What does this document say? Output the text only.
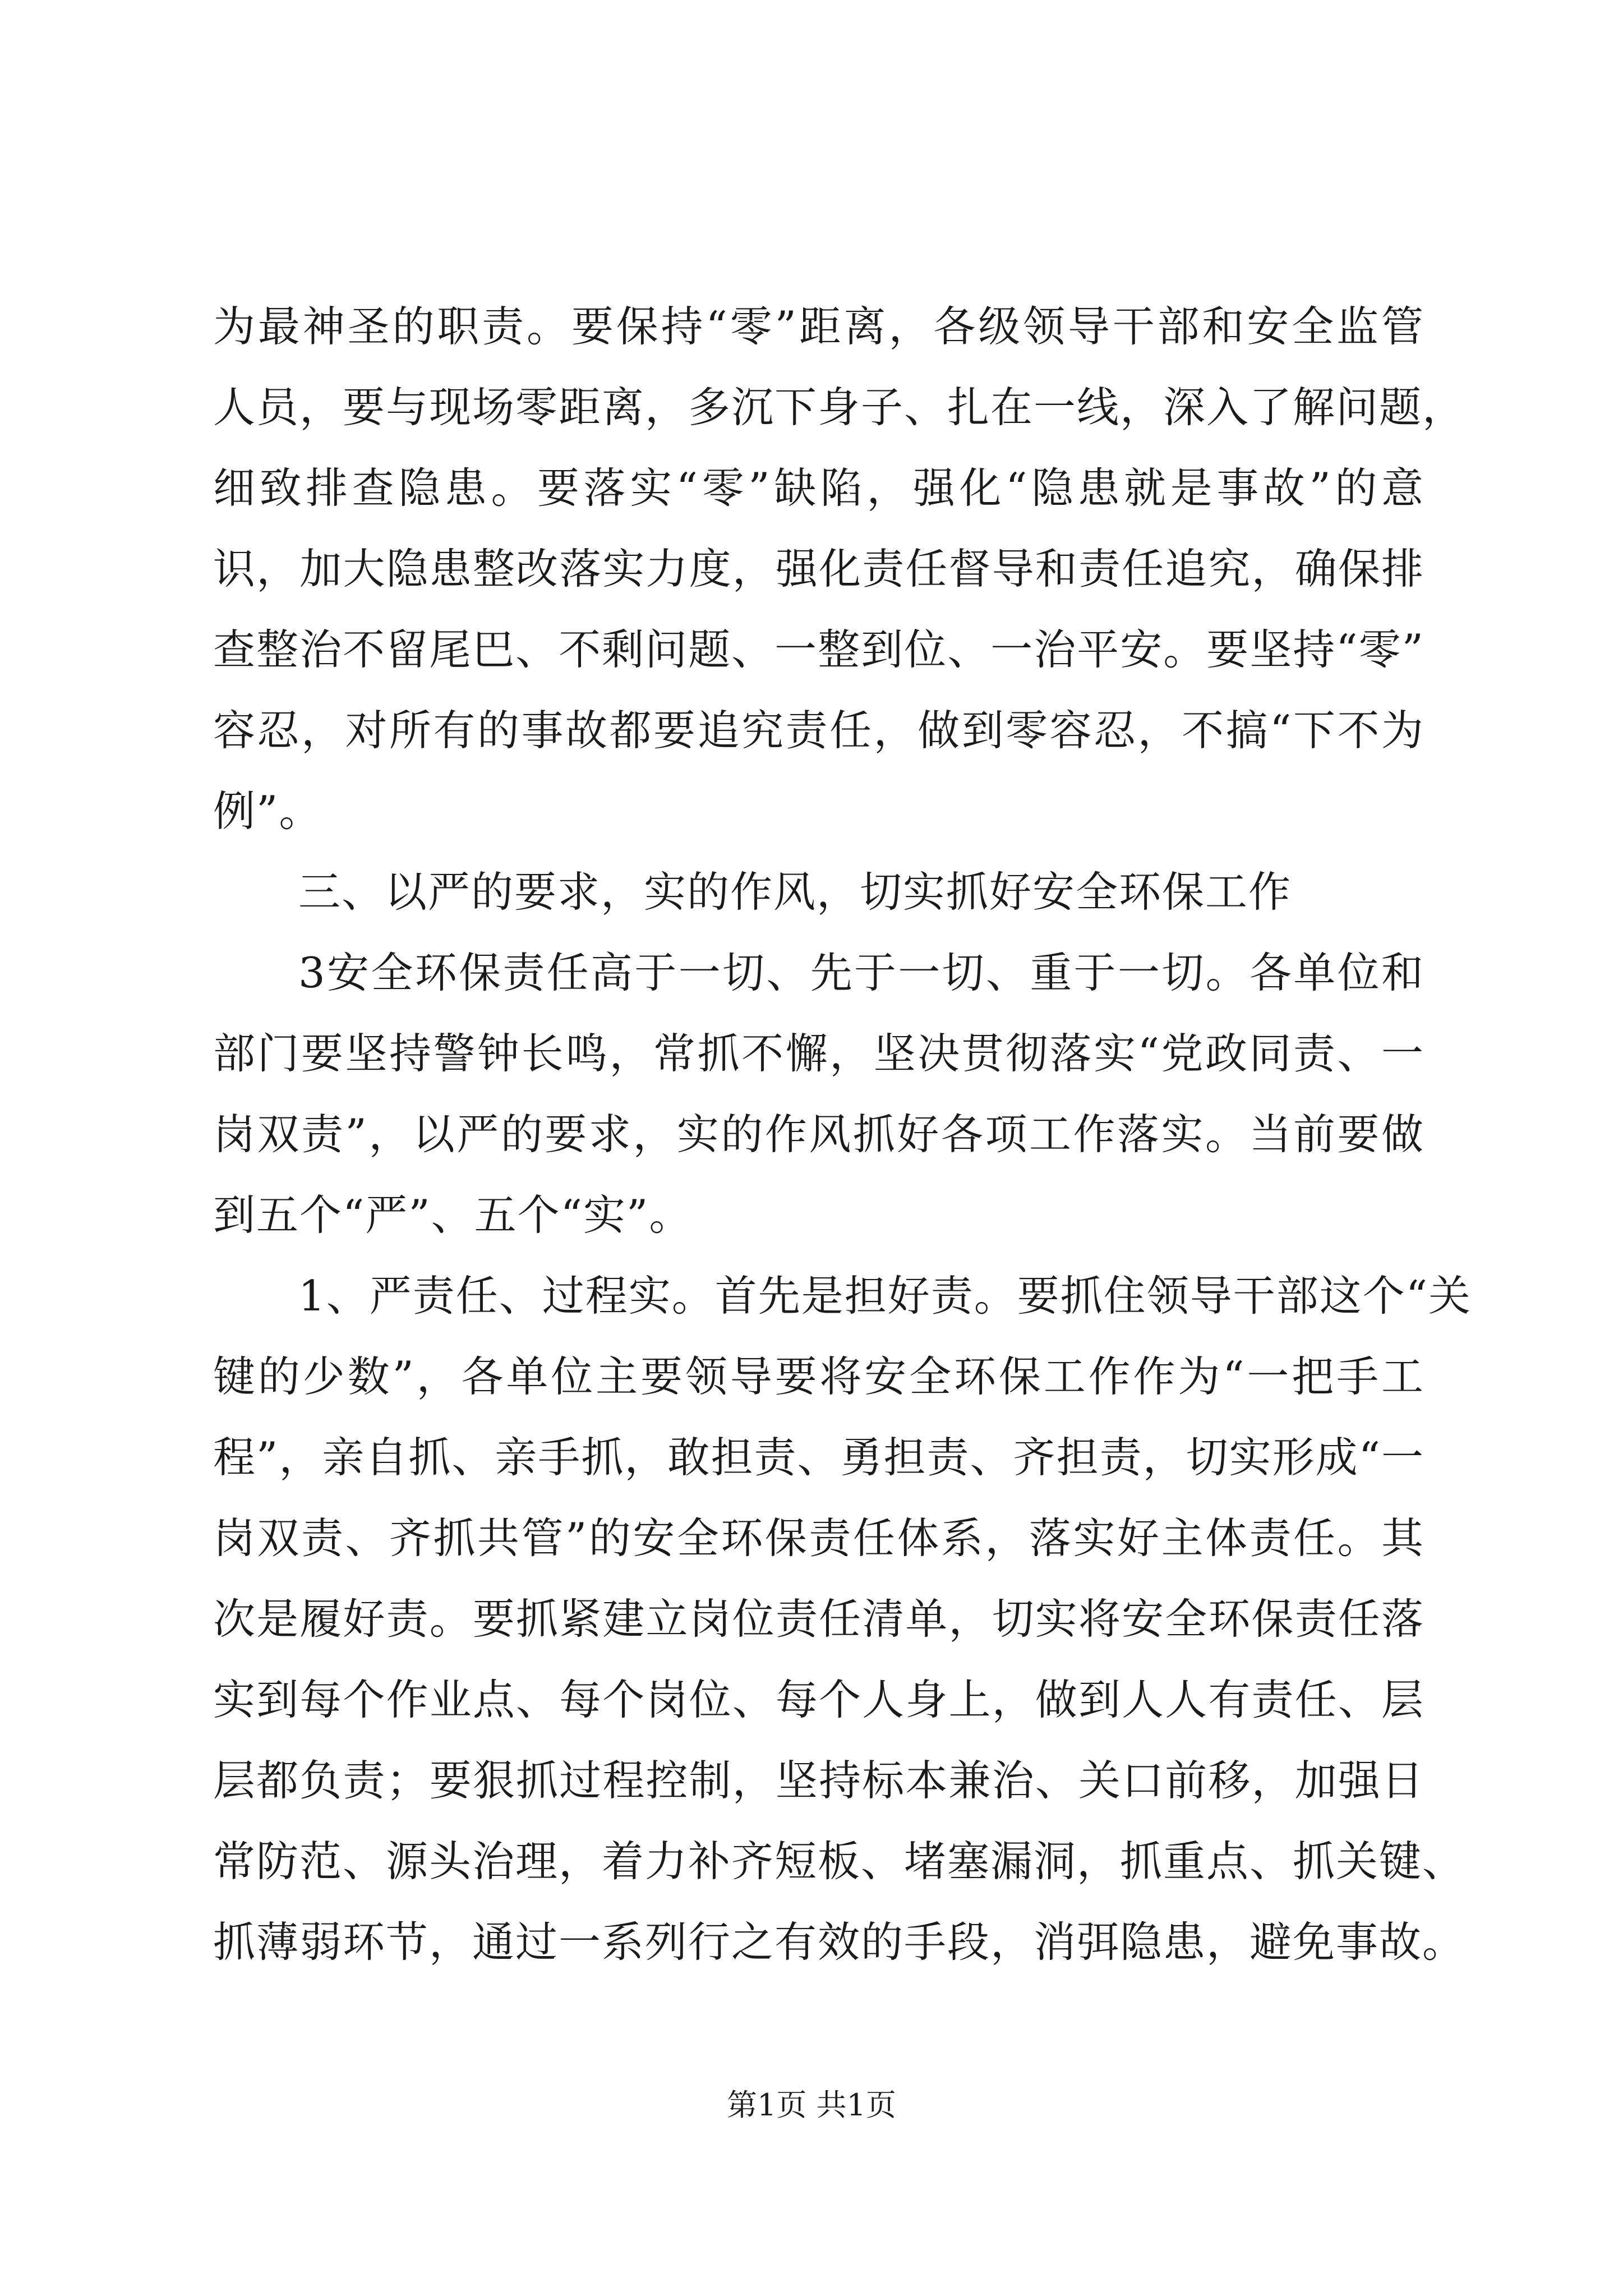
为最神圣的职责。要保持“零”距离，各级领导干部和安全监管
人员，要与现场零距离，多沉下身子、扎在一线，深入了解问题，
细致排查隐患。要落实“零”缺陷，强化“隐患就是事故”的意
识，加大隐患整改落实力度，强化责任督导和责任追究，确保排
查整治不留尾巴、不剩问题、一整到位、一治平安。要坚持“零”
容忍，对所有的事故都要追究责任，做到零容忍，不搞“下不为
例”。
三、以严的要求，实的作风，切实抓好安全环保工作
3安全环保责任高于一切、先于一切、重于一切。各单位和
部门要坚持警钟长鸣，常抓不懈，坚决贯彻落实“党政同责、一
岗双责”，以严的要求，实的作风抓好各项工作落实。当前要做
到五个“严”、五个“实”。
1、严责任、过程实。首先是担好责。要抓住领导干部这个“关
键的少数”，各单位主要领导要将安全环保工作作为“一把手工
程”，亲自抓、亲手抓，敢担责、勇担责、齐担责，切实形成“一
岗双责、齐抓共管”的安全环保责任体系，落实好主体责任。其
次是履好责。要抓紧建立岗位责任清单，切实将安全环保责任落
实到每个作业点、每个岗位、每个人身上，做到人人有责任、层
层都负责；要狠抓过程控制，坚持标本兼治、关口前移，加强日
常防范、源头治理，着力补齐短板、堵塞漏洞，抓重点、抓关键、
抓薄弱环节，通过一系列行之有效的手段，消弭隐患，避免事故。
第1页 共1页
